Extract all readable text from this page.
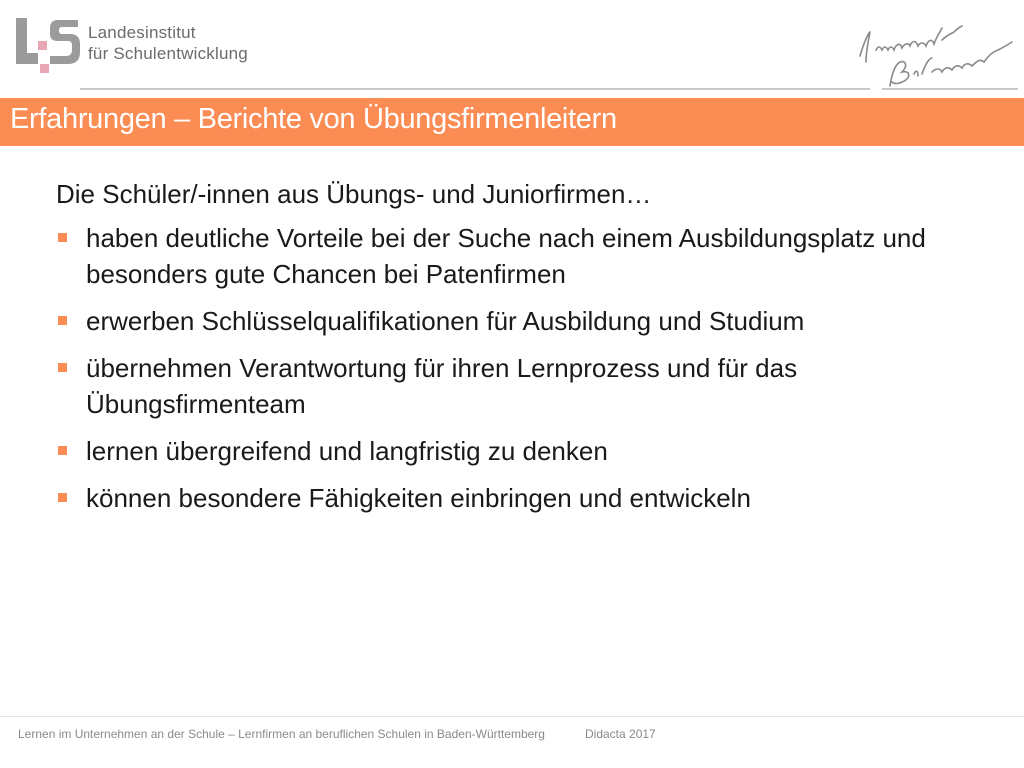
Landesinstitut
für Schulentwicklung
Erfahrungen – Berichte von Übungsfirmenleitern
Die Schüler/-innen aus Übungs- und Juniorfirmen…
haben deutliche Vorteile bei der Suche nach einem Ausbildungsplatz und besonders gute Chancen bei Patenfirmen
erwerben Schlüsselqualifikationen für Ausbildung und Studium
übernehmen Verantwortung für ihren Lernprozess und für das Übungsfirmenteam
lernen übergreifend und langfristig zu denken
können besondere Fähigkeiten einbringen und entwickeln
Lernen im Unternehmen an der Schule – Lernfirmen an beruflichen Schulen in Baden-Württemberg	Didacta 2017
